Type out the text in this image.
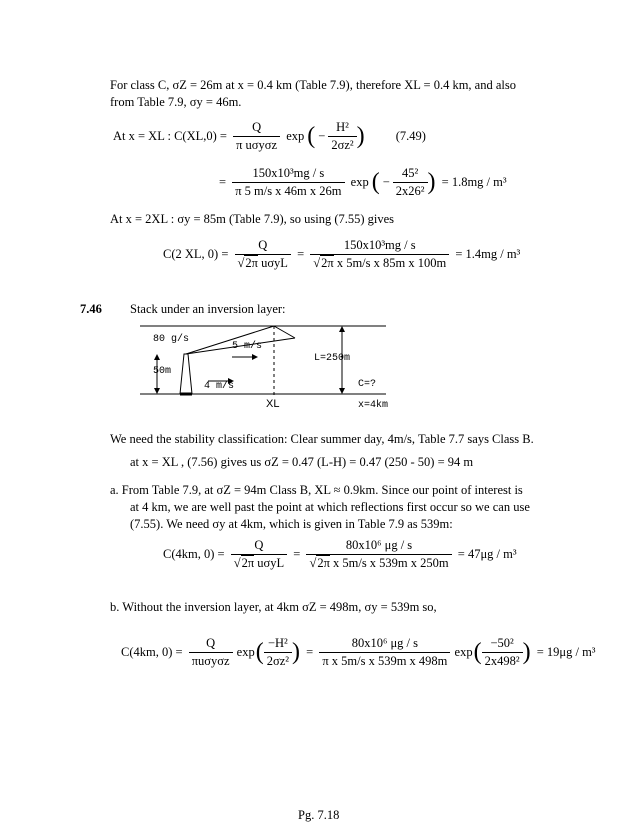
For class C, σZ = 26m at x = 0.4 km (Table 7.9), therefore XL = 0.4 km, and also
from Table 7.9, σy = 46m.
At x = XL : $C(XL,0) = \frac{Q}{\text{π uσyσz}}$ exp ( − $\frac{\text{H²}}{\text{2σz²}}$ ) (7.49)
= $\frac{\text{150x10³mg / s}}{\text{π 5 m/s x 46m x 26m}}$ exp ( − $\frac{\text{45²}}{\text{2x26²}}$ ) = 1.8mg / m³
At x = 2XL : σy = 85m (Table 7.9), so using (7.55) gives
C(2 XL, $0) = \frac{Q}{\text{√2π uσyL}} = \frac{\text{150x10³mg / s}}{\text{√2π x 5m/s x 85m x 100m}} = 1.4mg / m^3$
7.46 Stack under an inversion layer:
80 g/s
5 m/s
50m
4 m/s
L=250m
C=?
XL	x=4km
We need the stability classification: Clear summer day, 4m/s, Table 7.7 says Class B.
at x = XL , (7.56) gives us σZ = 0.47 (L-H) = 0.47 (250 - 50) = 94 m
a. From Table 7.9, at σZ = 94m Class B, XL ≈ 0.9km. Since our point of interest is
at 4 km, we are well past the point at which reflections first occur so we can use
(7.55). We need σy at 4km, which is given in Table 7.9 as 539m:
C(4km, $0) = \frac{Q}{\text{√2π uσyL}} = \frac{\text{80x10⁶ μg / s}}{\text{√2π x 5m/s x 539m x 250m}} = 47\mu g / m^3$
b. Without the inversion layer, at 4km σZ = 498m, σy = 539m so,
C(4km, $0) = \frac{Q}{\text{πuσyσz}} \exp( \frac{\text{−H²}}{\text{2σz²}}$ ) = $\frac{\text{80x10⁶ μg / s}}{\text{π x 5m/s x 539m x 498m}} \exp( \frac{\text{−50²}}{\text{2x498²}}$ ) = 19μg / m³
Pg. 7.18
